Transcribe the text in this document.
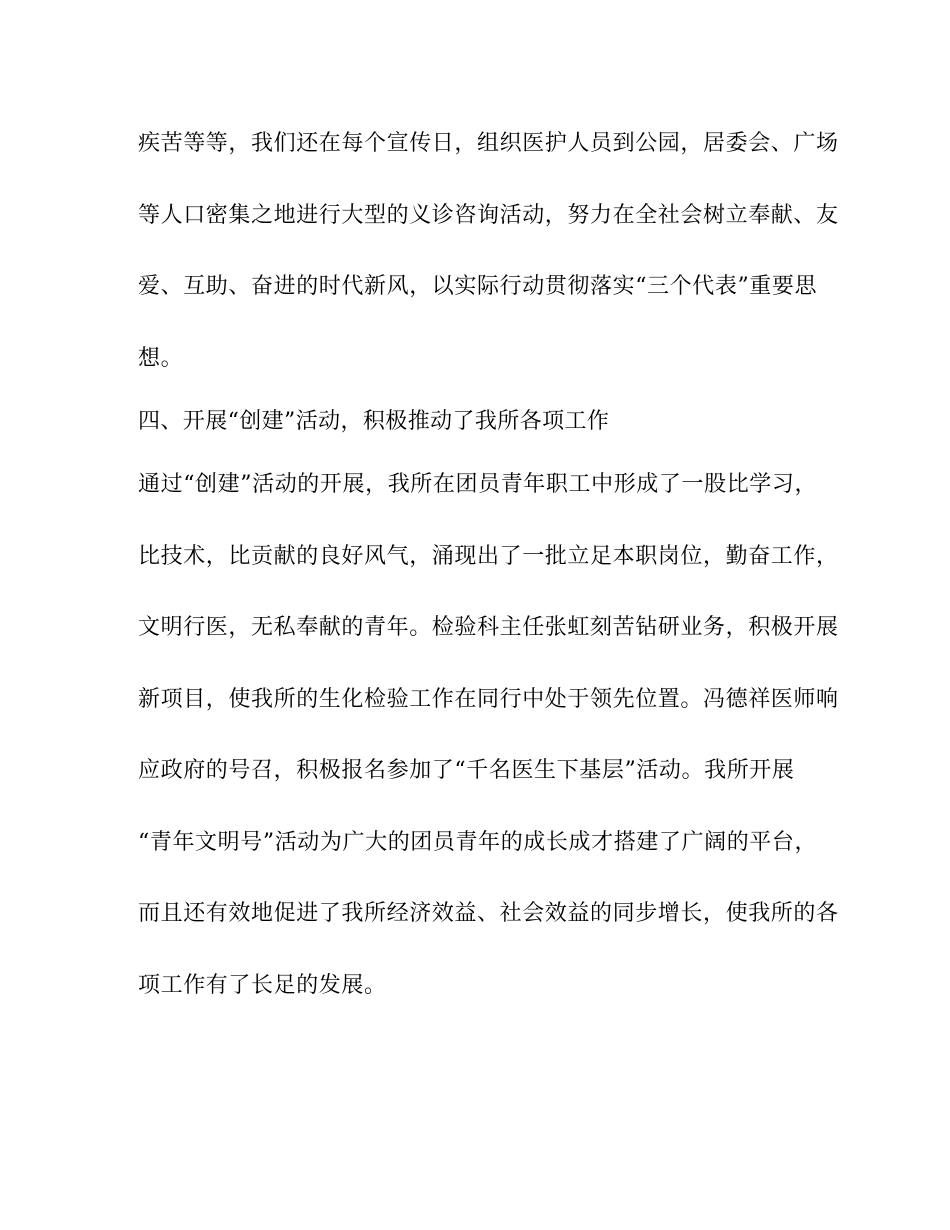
疾苦等等，我们还在每个宣传日，组织医护人员到公园，居委会、广场
等人口密集之地进行大型的义诊咨询活动，努力在全社会树立奉献、友
爱、互助、奋进的时代新风，以实际行动贯彻落实“三个代表”重要思
想。
四、开展“创建”活动，积极推动了我所各项工作
通过“创建”活动的开展，我所在团员青年职工中形成了一股比学习，
比技术，比贡献的良好风气，涌现出了一批立足本职岗位，勤奋工作，
文明行医，无私奉献的青年。检验科主任张虹刻苦钻研业务，积极开展
新项目，使我所的生化检验工作在同行中处于领先位置。冯德祥医师响
应政府的号召，积极报名参加了“千名医生下基层”活动。我所开展
“青年文明号”活动为广大的团员青年的成长成才搭建了广阔的平台，
而且还有效地促进了我所经济效益、社会效益的同步增长，使我所的各
项工作有了长足的发展。
